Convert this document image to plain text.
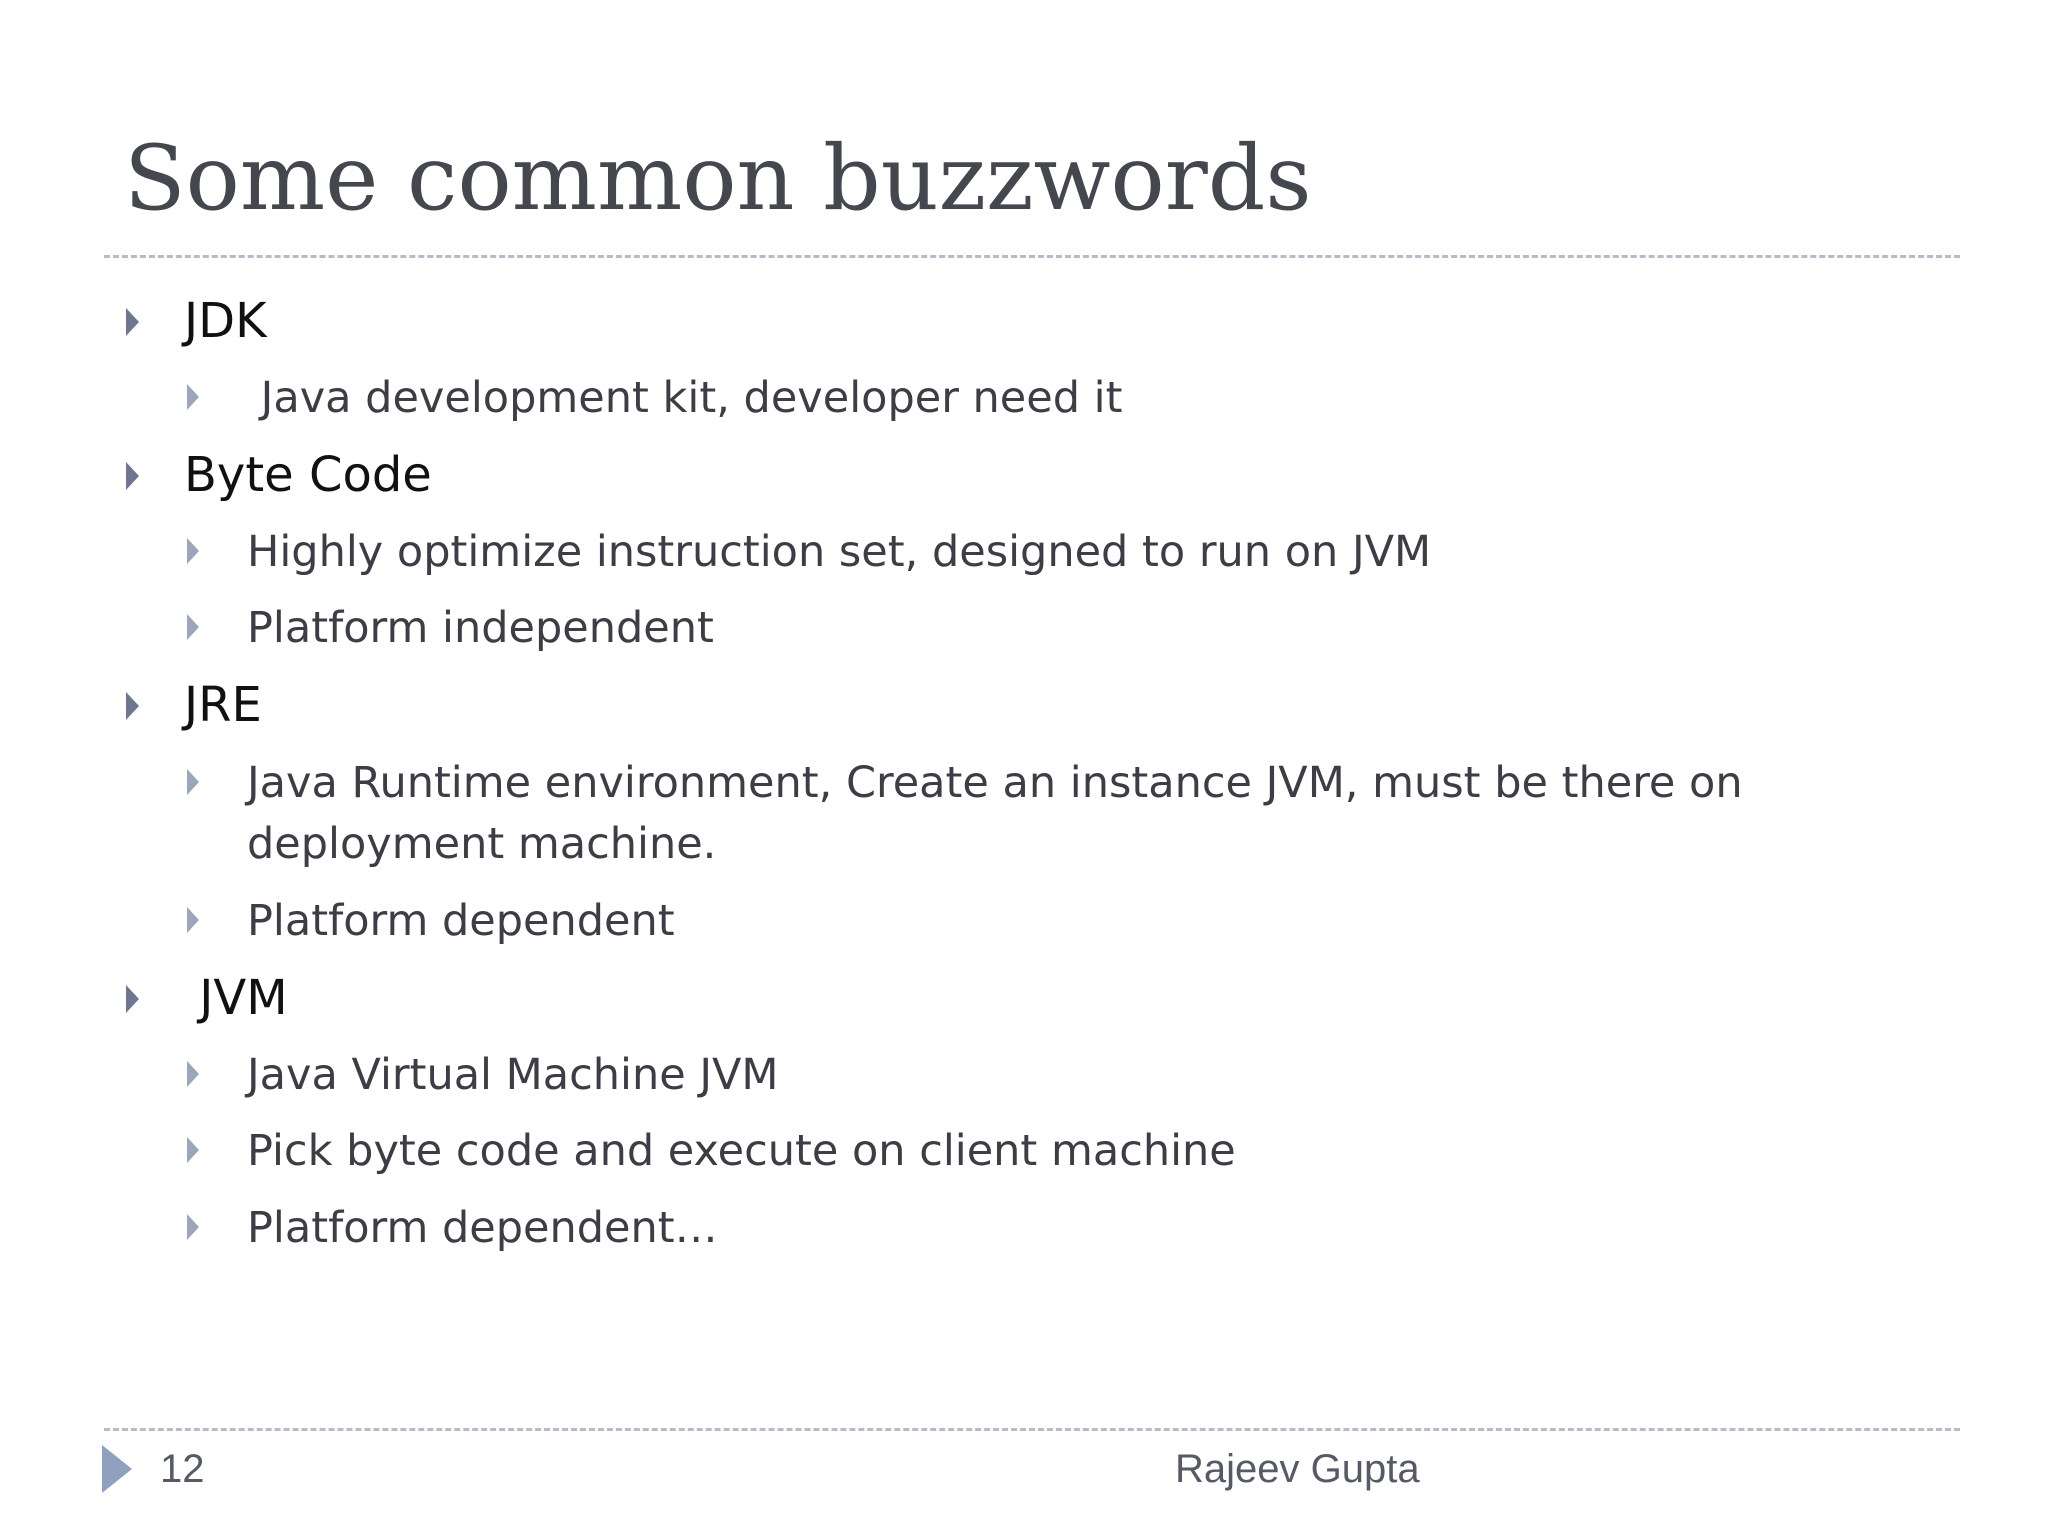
Some common buzzwords
JDK
Java development kit, developer need it
Byte Code
Highly optimize instruction set, designed to run on JVM
Platform independent
JRE
Java Runtime environment, Create an instance JVM, must be there on
deployment machine.
Platform dependent
JVM
Java Virtual Machine JVM
Pick byte code and execute on client machine
Platform dependent…
12	Rajeev Gupta
